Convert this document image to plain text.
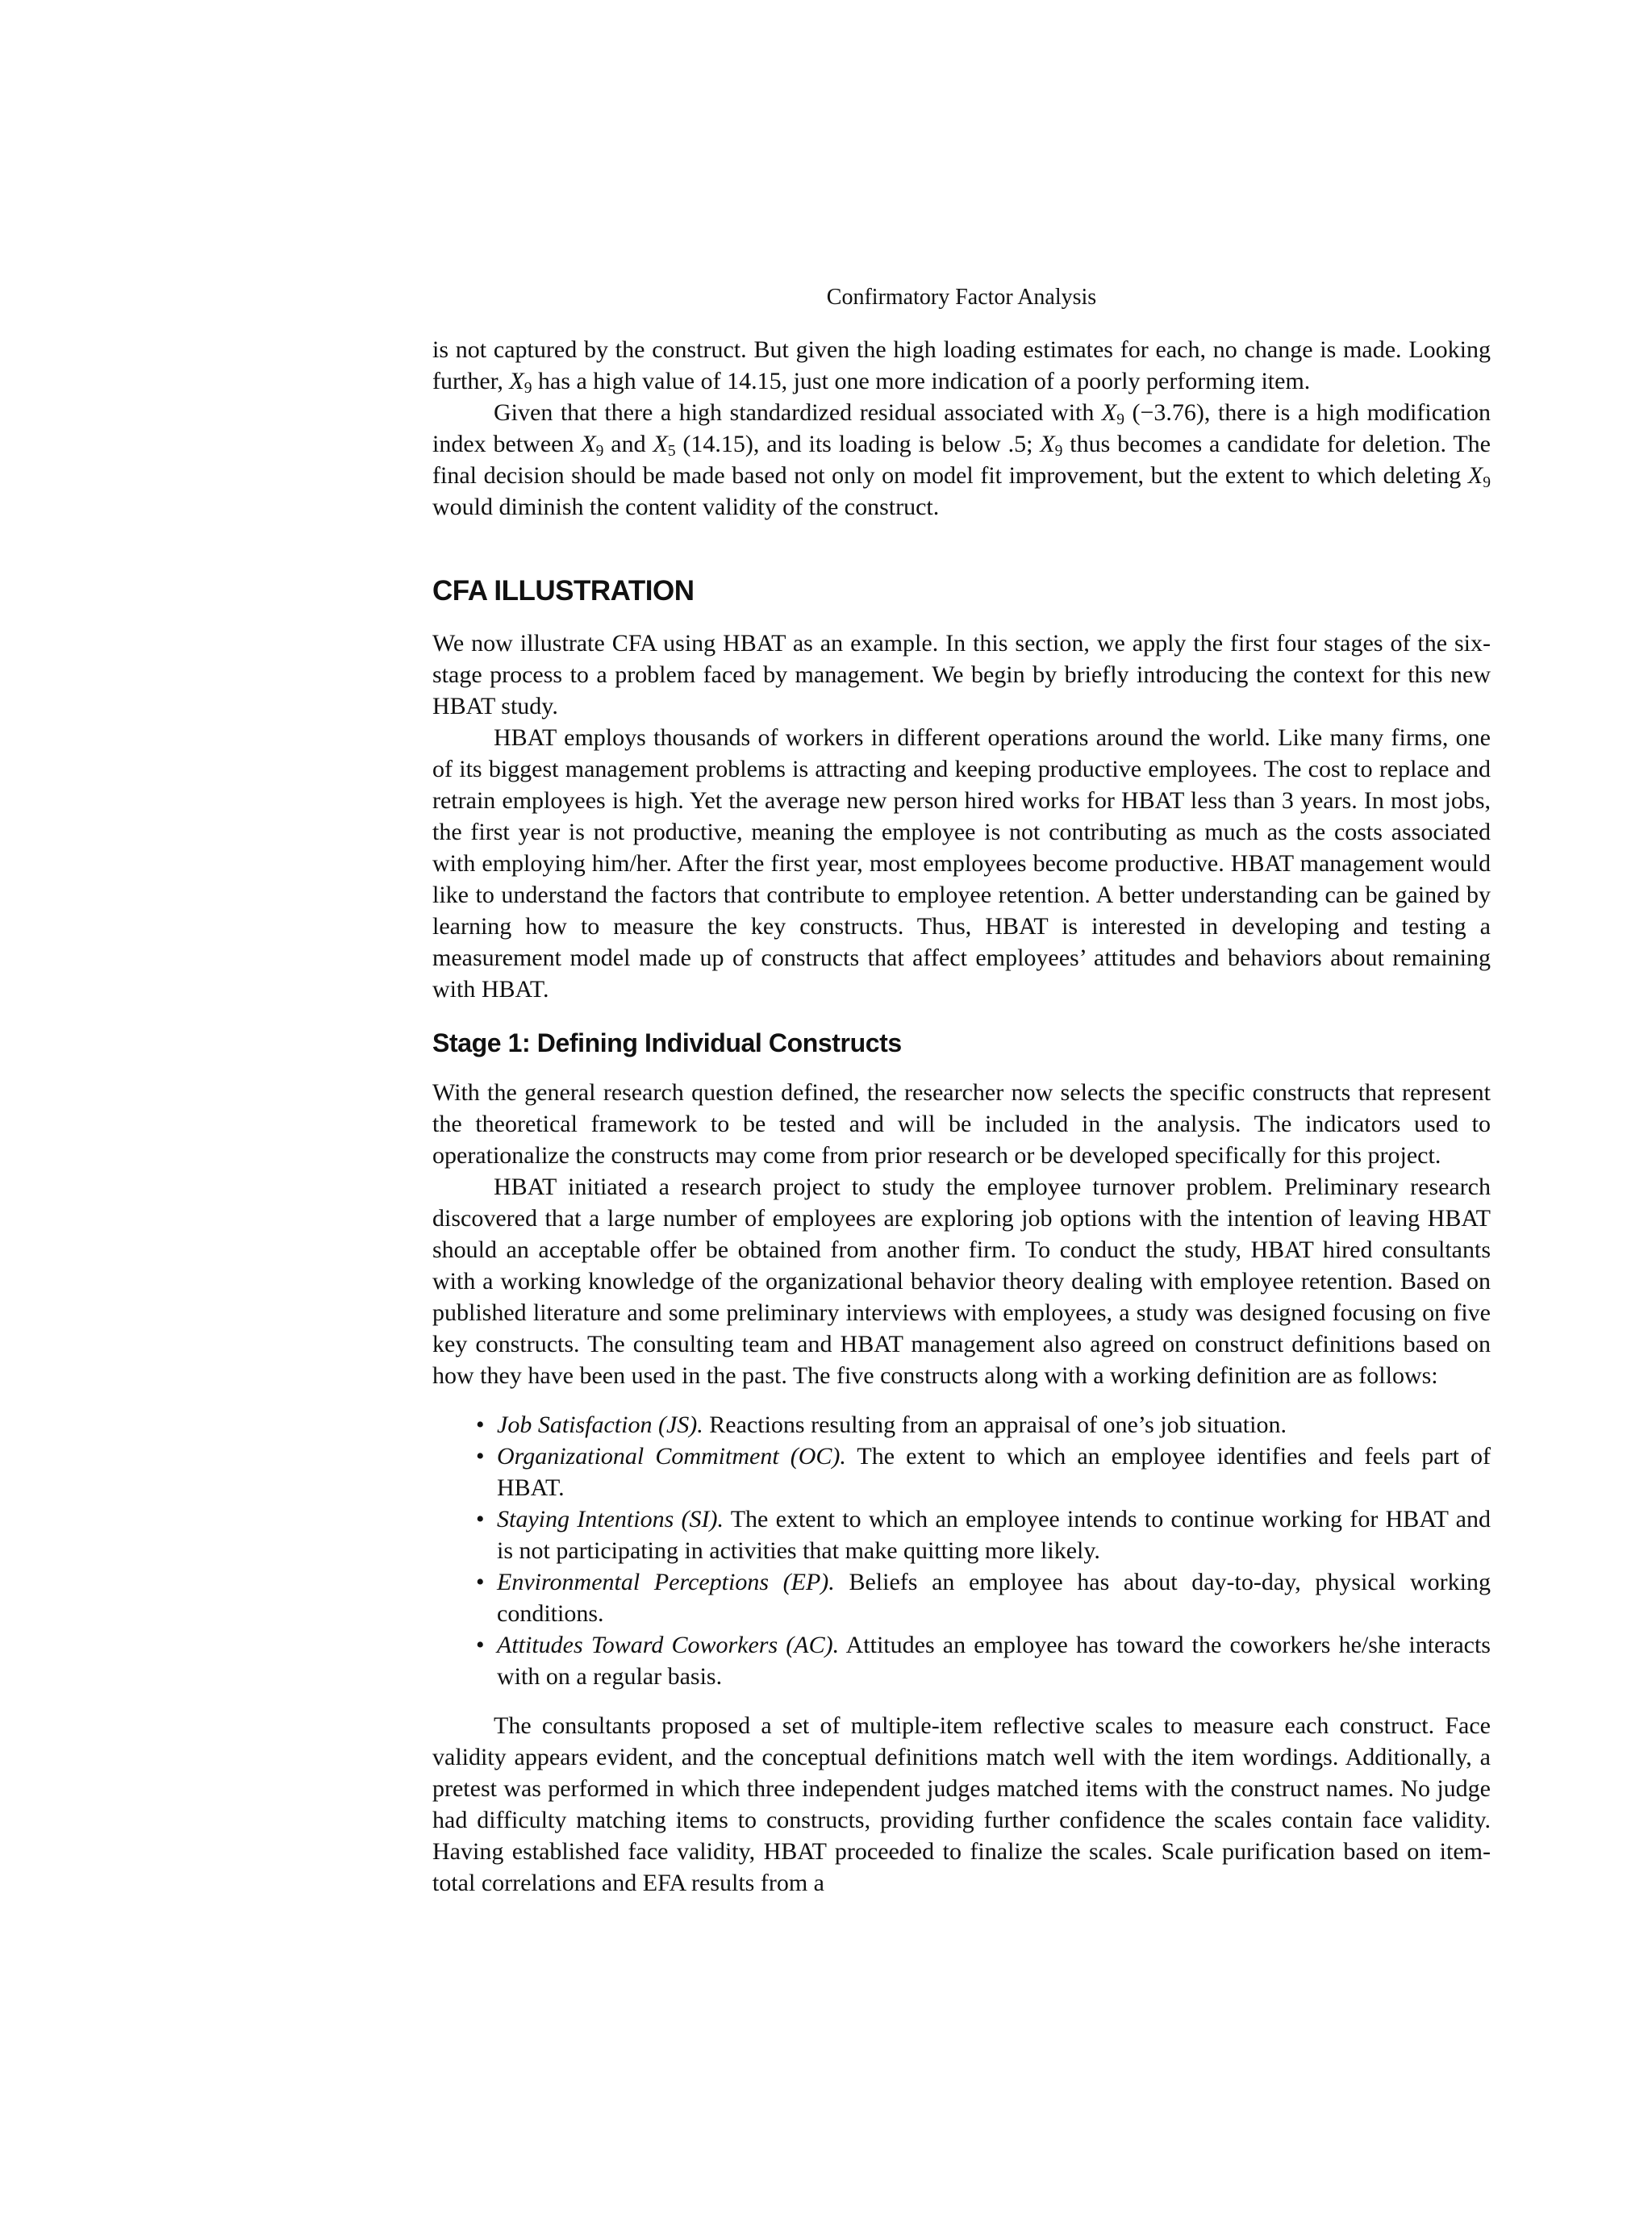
Confirmatory Factor Analysis

is not captured by the construct. But given the high loading estimates for each, no change is made. Looking further, $X_9$ has a high value of 14.15, just one more indication of a poorly performing item.

Given that there a high standardized residual associated with $X_9$ (−3.76), there is a high modification index between $X_9$ and $X_5$ (14.15), and its loading is below .5; $X_9$ thus becomes a candidate for deletion. The final decision should be made based not only on model fit improvement, but the extent to which deleting $X_9$ would diminish the content validity of the construct.

CFA ILLUSTRATION

We now illustrate CFA using HBAT as an example. In this section, we apply the first four stages of the six-stage process to a problem faced by management. We begin by briefly introducing the context for this new HBAT study.

HBAT employs thousands of workers in different operations around the world. Like many firms, one of its biggest management problems is attracting and keeping productive employees. The cost to replace and retrain employees is high. Yet the average new person hired works for HBAT less than 3 years. In most jobs, the first year is not productive, meaning the employee is not contributing as much as the costs associated with employing him/her. After the first year, most employees become productive. HBAT management would like to understand the factors that contribute to employee retention. A better understanding can be gained by learning how to measure the key constructs. Thus, HBAT is interested in developing and testing a measurement model made up of constructs that affect employees’ attitudes and behaviors about remaining with HBAT.

Stage 1: Defining Individual Constructs

With the general research question defined, the researcher now selects the specific constructs that represent the theoretical framework to be tested and will be included in the analysis. The indicators used to operationalize the constructs may come from prior research or be developed specifically for this project.

HBAT initiated a research project to study the employee turnover problem. Preliminary research discovered that a large number of employees are exploring job options with the intention of leaving HBAT should an acceptable offer be obtained from another firm. To conduct the study, HBAT hired consultants with a working knowledge of the organizational behavior theory dealing with employee retention. Based on published literature and some preliminary interviews with employees, a study was designed focusing on five key constructs. The consulting team and HBAT management also agreed on construct definitions based on how they have been used in the past. The five constructs along with a working definition are as follows:

• Job Satisfaction (JS). Reactions resulting from an appraisal of one’s job situation.
• Organizational Commitment (OC). The extent to which an employee identifies and feels part of HBAT.
• Staying Intentions (SI). The extent to which an employee intends to continue working for HBAT and is not participating in activities that make quitting more likely.
• Environmental Perceptions (EP). Beliefs an employee has about day-to-day, physical working conditions.
• Attitudes Toward Coworkers (AC). Attitudes an employee has toward the coworkers he/she interacts with on a regular basis.

The consultants proposed a set of multiple-item reflective scales to measure each construct. Face validity appears evident, and the conceptual definitions match well with the item wordings. Additionally, a pretest was performed in which three independent judges matched items with the construct names. No judge had difficulty matching items to constructs, providing further confidence the scales contain face validity. Having established face validity, HBAT proceeded to finalize the scales. Scale purification based on item-total correlations and EFA results from a
